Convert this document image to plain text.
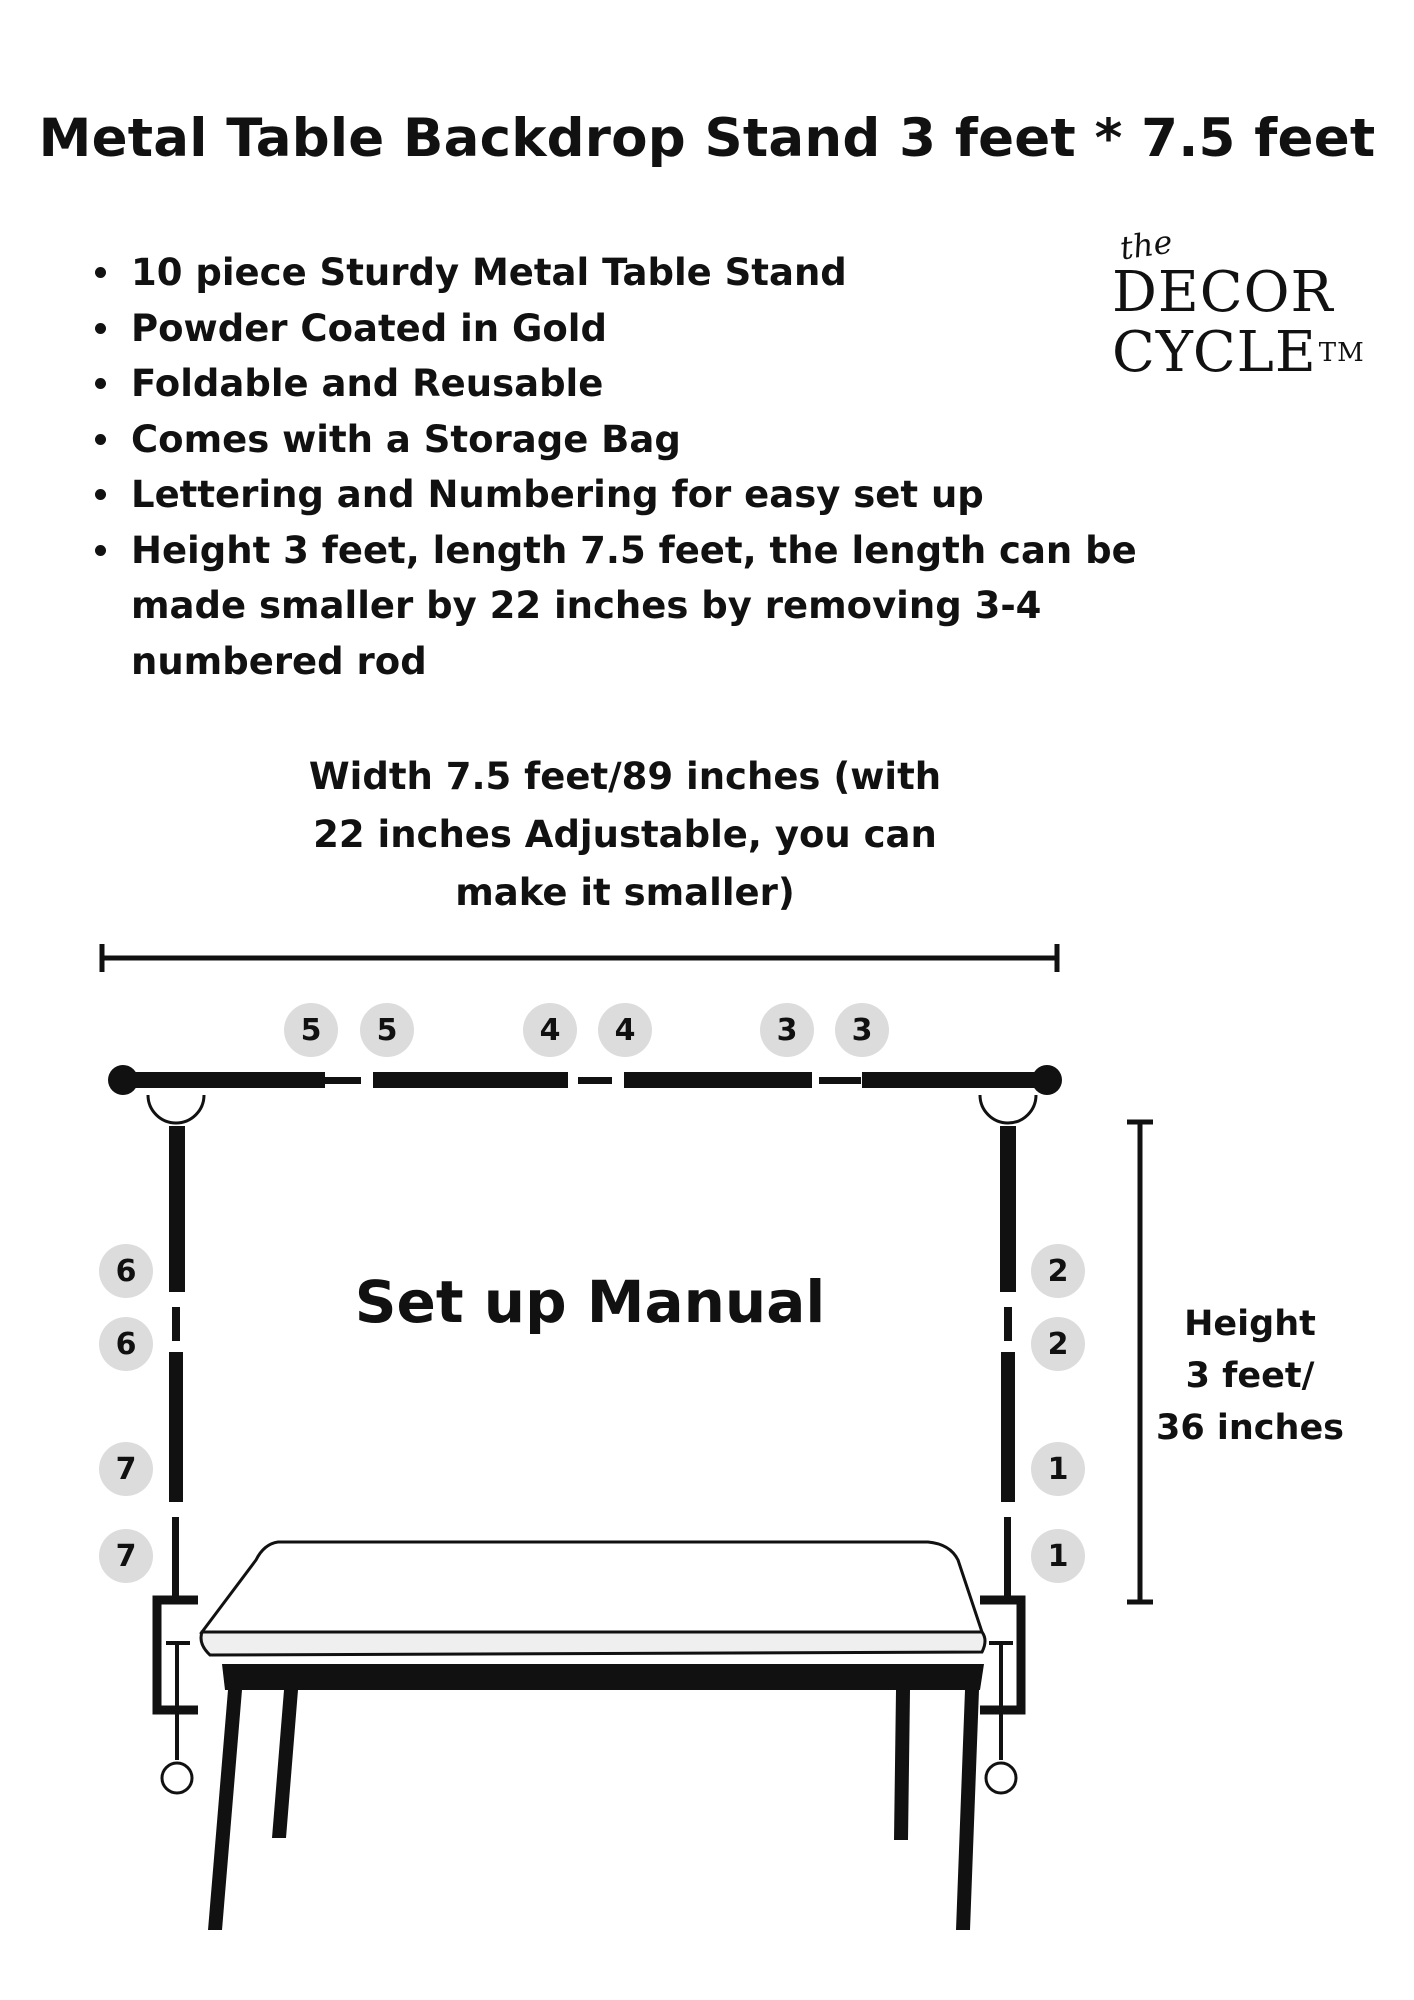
Metal Table Backdrop Stand 3 feet * 7.5 feet
10 piece Sturdy Metal Table Stand
Powder Coated in Gold
Foldable and Reusable
Comes with a Storage Bag
Lettering and Numbering for easy set up
Height 3 feet, length 7.5 feet, the length can be made smaller by 22 inches by removing 3-4 numbered rod
the
DECOR
CYCLE™
Width 7.5 feet/89 inches (with
22 inches Adjustable, you can
make it smaller)
Set up Manual	Height
3 feet/
36 inches
5	5	4	4	3	3
6
6
7
7
2
2
1
1
